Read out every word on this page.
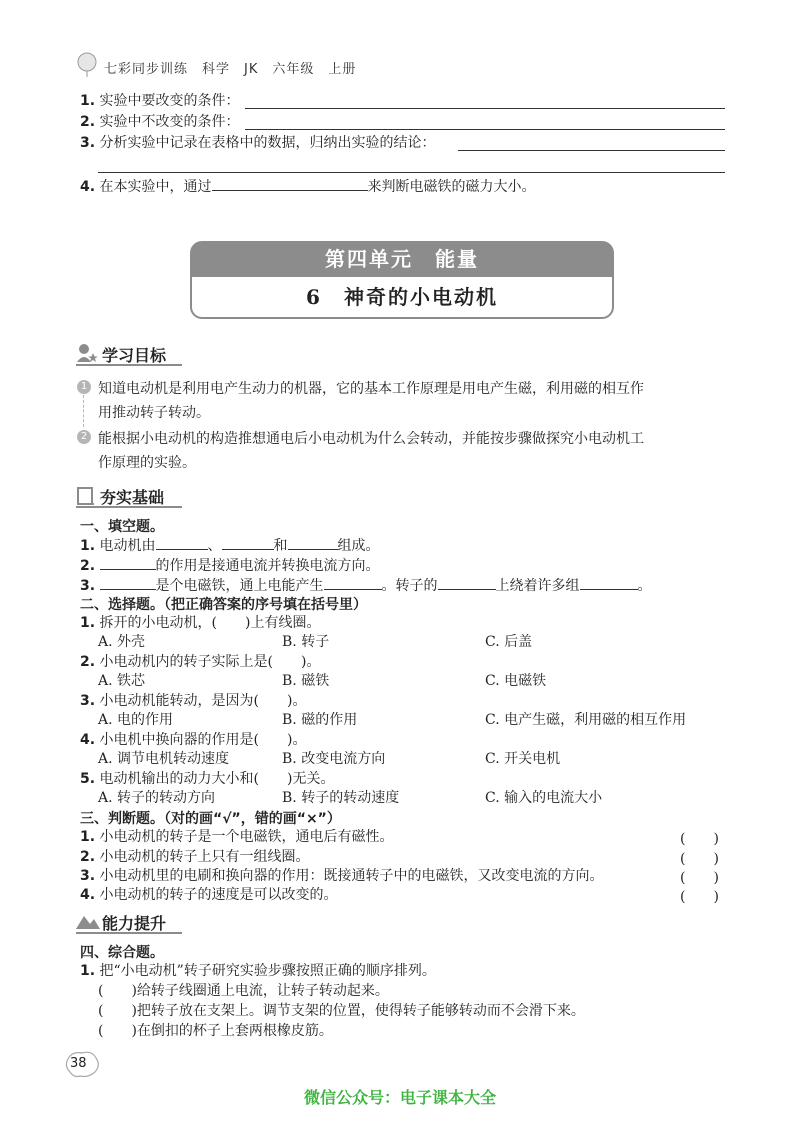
七彩同步训练　科学　JK　六年级　上册
1. 实验中要改变的条件：
2. 实验中不改变的条件：
3. 分析实验中记录在表格中的数据，归纳出实验的结论：
4. 在本实验中，通过	来判断电磁铁的磁力大小。
第四单元　能量
6　神奇的小电动机
学习目标
1 知道电动机是利用电产生动力的机器，它的基本工作原理是用电产生磁，利用磁的相互作
用推动转子转动。
2 能根据小电动机的构造推想通电后小电动机为什么会转动，并能按步骤做探究小电动机工
作原理的实验。
夯实基础
一、填空题。
1. 电动机由	、	和	组成。
2.	的作用是接通电流并转换电流方向。
3.	是个电磁铁，通上电能产生	。转子的	上绕着许多组	。
二、选择题。（把正确答案的序号填在括号里）
1. 拆开的小电动机，(　　)上有线圈。
A. 外壳	B. 转子	C. 后盖
2. 小电动机内的转子实际上是(　　)。
A. 铁芯	B. 磁铁	C. 电磁铁
3. 小电动机能转动，是因为(　　)。
A. 电的作用	B. 磁的作用	C. 电产生磁，利用磁的相互作用
4. 小电机中换向器的作用是(　　)。
A. 调节电机转动速度	B. 改变电流方向	C. 开关电机
5. 电动机输出的动力大小和(　　)无关。
A. 转子的转动方向	B. 转子的转动速度	C. 输入的电流大小
三、判断题。（对的画“√”，错的画“×”）
1. 小电动机的转子是一个电磁铁，通电后有磁性。	(　　)
2. 小电动机的转子上只有一组线圈。	(　　)
3. 小电动机里的电刷和换向器的作用：既接通转子中的电磁铁，又改变电流的方向。	(　　)
4. 小电动机的转子的速度是可以改变的。	(　　)
能力提升
四、综合题。
1. 把“小电动机”转子研究实验步骤按照正确的顺序排列。
(　　)给转子线圈通上电流，让转子转动起来。
(　　)把转子放在支架上。调节支架的位置，使得转子能够转动而不会滑下来。
(　　)在倒扣的杯子上套两根橡皮筋。
38
微信公众号：电子课本大全
